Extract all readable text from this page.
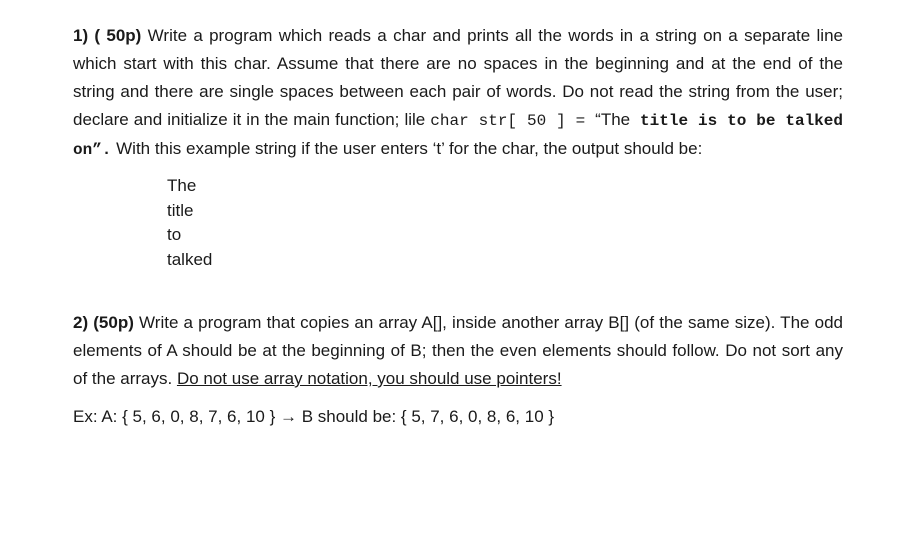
1) ( 50p) Write a program which reads a char and prints all the words in a string on a separate line which start with this char. Assume that there are no spaces in the beginning and at the end of the string and there are single spaces between each pair of words. Do not read the string from the user; declare and initialize it in the main function; lile char str[ 50 ] = “The title is to be talked on”. With this example string if the user enters ‘t’ for the char, the output should be:

The
title
to
talked

2) (50p) Write a program that copies an array A[], inside another array B[] (of the same size). The odd elements of A should be at the beginning of B; then the even elements should follow. Do not sort any of the arrays. Do not use array notation, you should use pointers!

Ex: A: { 5, 6, 0, 8, 7, 6, 10 } → B should be: { 5, 7, 6, 0, 8, 6, 10 }
